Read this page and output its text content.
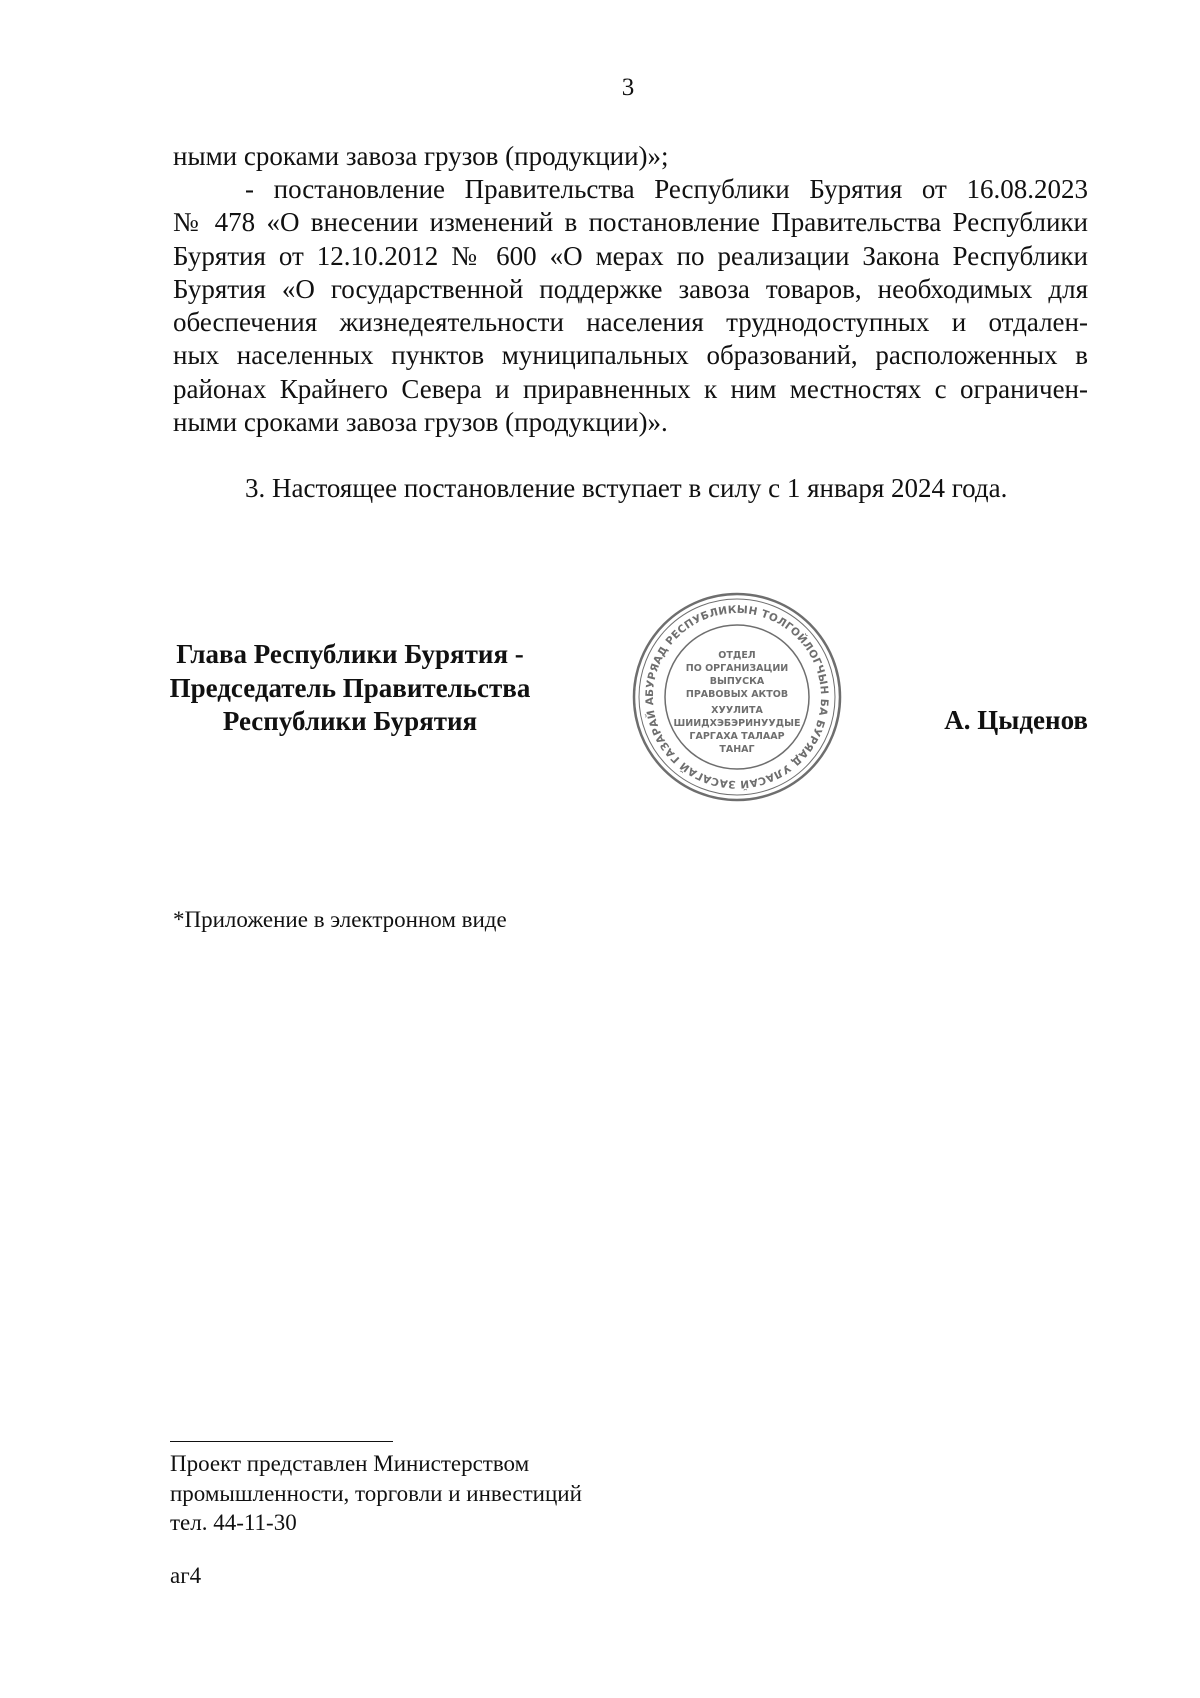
3
ными сроками завоза грузов (продукции)»;
- постановление Правительства Республики Бурятия от 16.08.2023
№ 478 «О внесении изменений в постановление Правительства Республики
Бурятия от 12.10.2012 № 600 «О мерах по реализации Закона Республики
Бурятия «О государственной поддержке завоза товаров, необходимых для
обеспечения жизнедеятельности населения труднодоступных и отдален-
ных населенных пунктов муниципальных образований, расположенных в
районах Крайнего Севера и приравненных к ним местностях с ограничен-
ными сроками завоза грузов (продукции)».
3. Настоящее постановление вступает в силу с 1 января 2024 года.
Глава Республики Бурятия -
Председатель Правительства
Республики Бурятия
БУРЯАД РЕСПУБЛИКЫН ТОЛГОЙЛОГЧЫН БА БУРЯАД УЛАСАЙ ЗАСАГАЙ ГАЗАРАЙ А
ОТДЕЛ
ПО ОРГАНИЗАЦИИ
ВЫПУСКА
ПРАВОВЫХ АКТОВ
ХУУЛИТА
ШИИДХЭБЭРИНУУДЫЕ
ГАРГАХА ТАЛААР
ТАНАГ
А. Цыденов
*Приложение в электронном виде
Проект представлен Министерством
промышленности, торговли и инвестиций
тел. 44-11-30
аг4
